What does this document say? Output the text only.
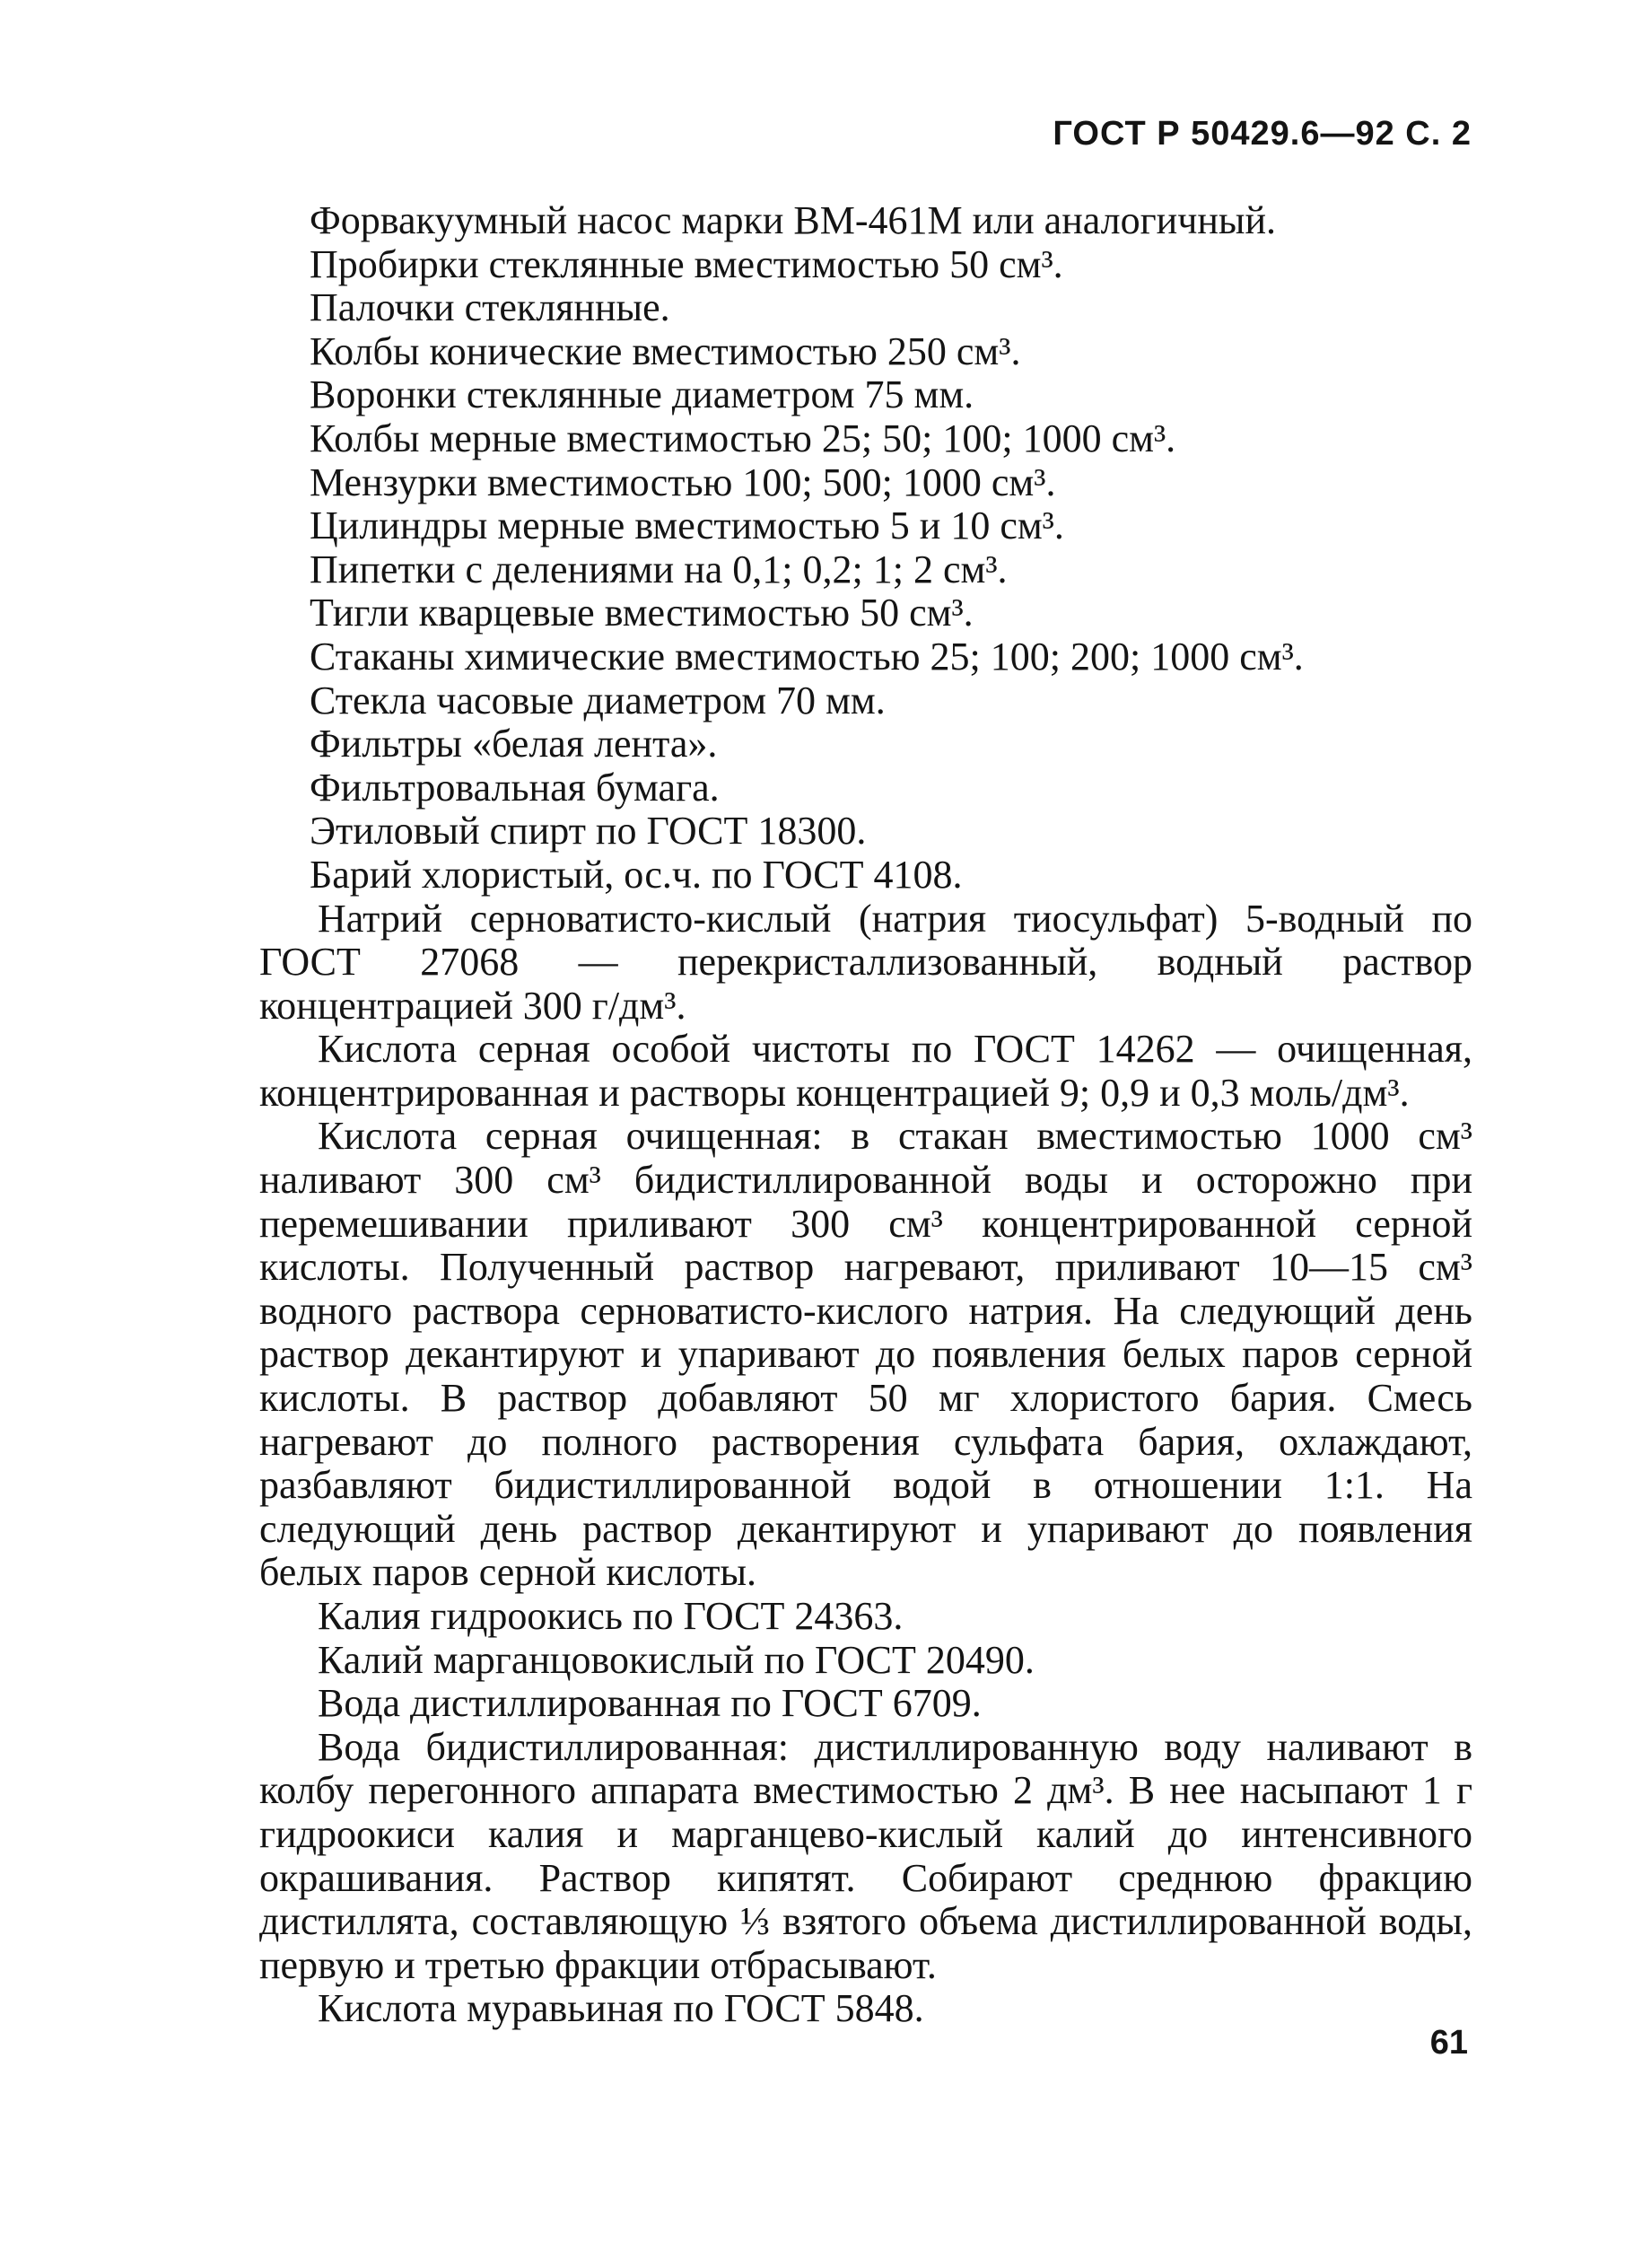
ГОСТ Р 50429.6—92 С. 2

Форвакуумный насос марки ВМ-461М или аналогичный.

Пробирки стеклянные вместимостью 50 см³.

Палочки стеклянные.

Колбы конические вместимостью 250 см³.

Воронки стеклянные диаметром 75 мм.

Колбы мерные вместимостью 25; 50; 100; 1000 см³.

Мензурки вместимостью 100; 500; 1000 см³.

Цилиндры мерные вместимостью 5 и 10 см³.

Пипетки с делениями на 0,1; 0,2; 1; 2 см³.

Тигли кварцевые вместимостью 50 см³.

Стаканы химические вместимостью 25; 100; 200; 1000 см³.

Стекла часовые диаметром 70 мм.

Фильтры «белая лента».

Фильтровальная бумага.

Этиловый спирт по ГОСТ 18300.

Барий хлористый, ос.ч. по ГОСТ 4108.

Натрий серноватисто-кислый (натрия тиосульфат) 5-водный по ГОСТ 27068 — перекристаллизованный, водный раствор концентрацией 300 г/дм³.

Кислота серная особой чистоты по ГОСТ 14262 — очищенная, концентрированная и растворы концентрацией 9; 0,9 и 0,3 моль/дм³.

Кислота серная очищенная: в стакан вместимостью 1000 см³ наливают 300 см³ бидистиллированной воды и осторожно при перемешивании приливают 300 см³ концентрированной серной кислоты. Полученный раствор нагревают, приливают 10—15 см³ водного раствора серноватисто-кислого натрия. На следующий день раствор декантируют и упаривают до появления белых паров серной кислоты. В раствор добавляют 50 мг хлористого бария. Смесь нагревают до полного растворения сульфата бария, охлаждают, разбавляют бидистиллированной водой в отношении 1:1. На следующий день раствор декантируют и упаривают до появления белых паров серной кислоты.

Калия гидроокись по ГОСТ 24363.

Калий марганцовокислый по ГОСТ 20490.

Вода дистиллированная по ГОСТ 6709.

Вода бидистиллированная: дистиллированную воду наливают в колбу перегонного аппарата вместимостью 2 дм³. В нее насыпают 1 г гидроокиси калия и марганцево-кислый калий до интенсивного окрашивания. Раствор кипятят. Собирают среднюю фракцию дистиллята, составляющую ⅓ взятого объема дистиллированной воды, первую и третью фракции отбрасывают.

Кислота муравьиная по ГОСТ 5848.

61
